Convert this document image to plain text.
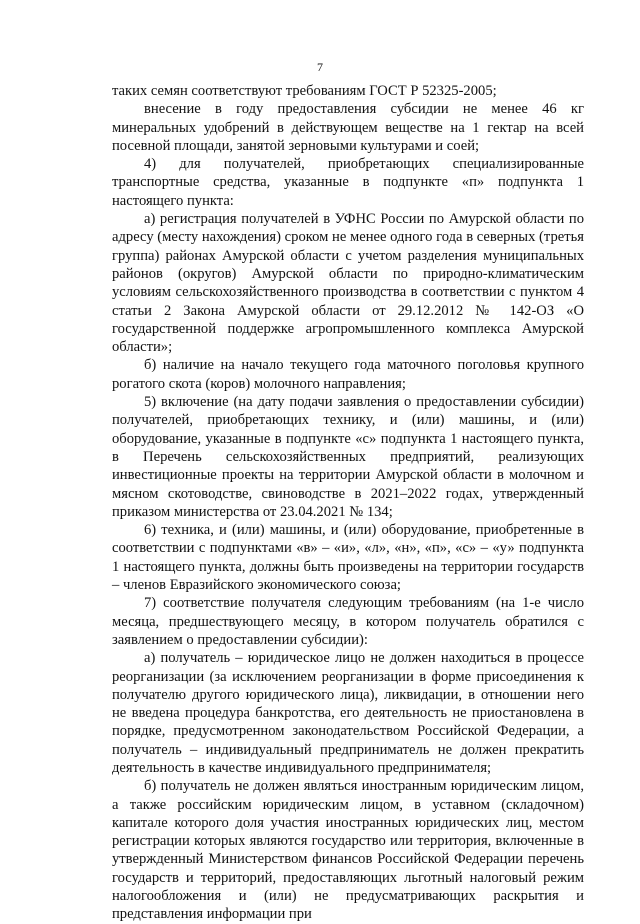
7

таких семян соответствуют требованиям ГОСТ Р 52325-2005;

внесение в году предоставления субсидии не менее 46 кг минеральных удобрений в действующем веществе на 1 гектар на всей посевной площади, занятой зерновыми культурами и соей;

4) для получателей, приобретающих специализированные транспортные средства, указанные в подпункте «п» подпункта 1 настоящего пункта:

а) регистрация получателей в УФНС России по Амурской области по адресу (месту нахождения) сроком не менее одного года в северных (третья группа) районах Амурской области с учетом разделения муниципальных районов (округов) Амурской области по природно-климатическим условиям сельскохозяйственного производства в соответствии с пунктом 4 статьи 2 Закона Амурской области от 29.12.2012 № 142-ОЗ «О государственной поддержке агропромышленного комплекса Амурской области»;

б) наличие на начало текущего года маточного поголовья крупного рогатого скота (коров) молочного направления;

5) включение (на дату подачи заявления о предоставлении субсидии) получателей, приобретающих технику, и (или) машины, и (или) оборудование, указанные в подпункте «с» подпункта 1 настоящего пункта, в Перечень сельскохозяйственных предприятий, реализующих инвестиционные проекты на территории Амурской области в молочном и мясном скотоводстве, свиноводстве в 2021–2022 годах, утвержденный приказом министерства от 23.04.2021 № 134;

6) техника, и (или) машины, и (или) оборудование, приобретенные в соответствии с подпунктами «в» – «и», «л», «н», «п», «с» – «у» подпункта 1 настоящего пункта, должны быть произведены на территории государств – членов Евразийского экономического союза;

7) соответствие получателя следующим требованиям (на 1-е число месяца, предшествующего месяцу, в котором получатель обратился с заявлением о предоставлении субсидии):

а) получатель – юридическое лицо не должен находиться в процессе реорганизации (за исключением реорганизации в форме присоединения к получателю другого юридического лица), ликвидации, в отношении него не введена процедура банкротства, его деятельность не приостановлена в порядке, предусмотренном законодательством Российской Федерации, а получатель – индивидуальный предприниматель не должен прекратить деятельность в качестве индивидуального предпринимателя;

б) получатель не должен являться иностранным юридическим лицом, а также российским юридическим лицом, в уставном (складочном) капитале которого доля участия иностранных юридических лиц, местом регистрации которых являются государство или территория, включенные в утвержденный Министерством финансов Российской Федерации перечень государств и территорий, предоставляющих льготный налоговый режим налогообложения и (или) не предусматривающих раскрытия и представления информации при
